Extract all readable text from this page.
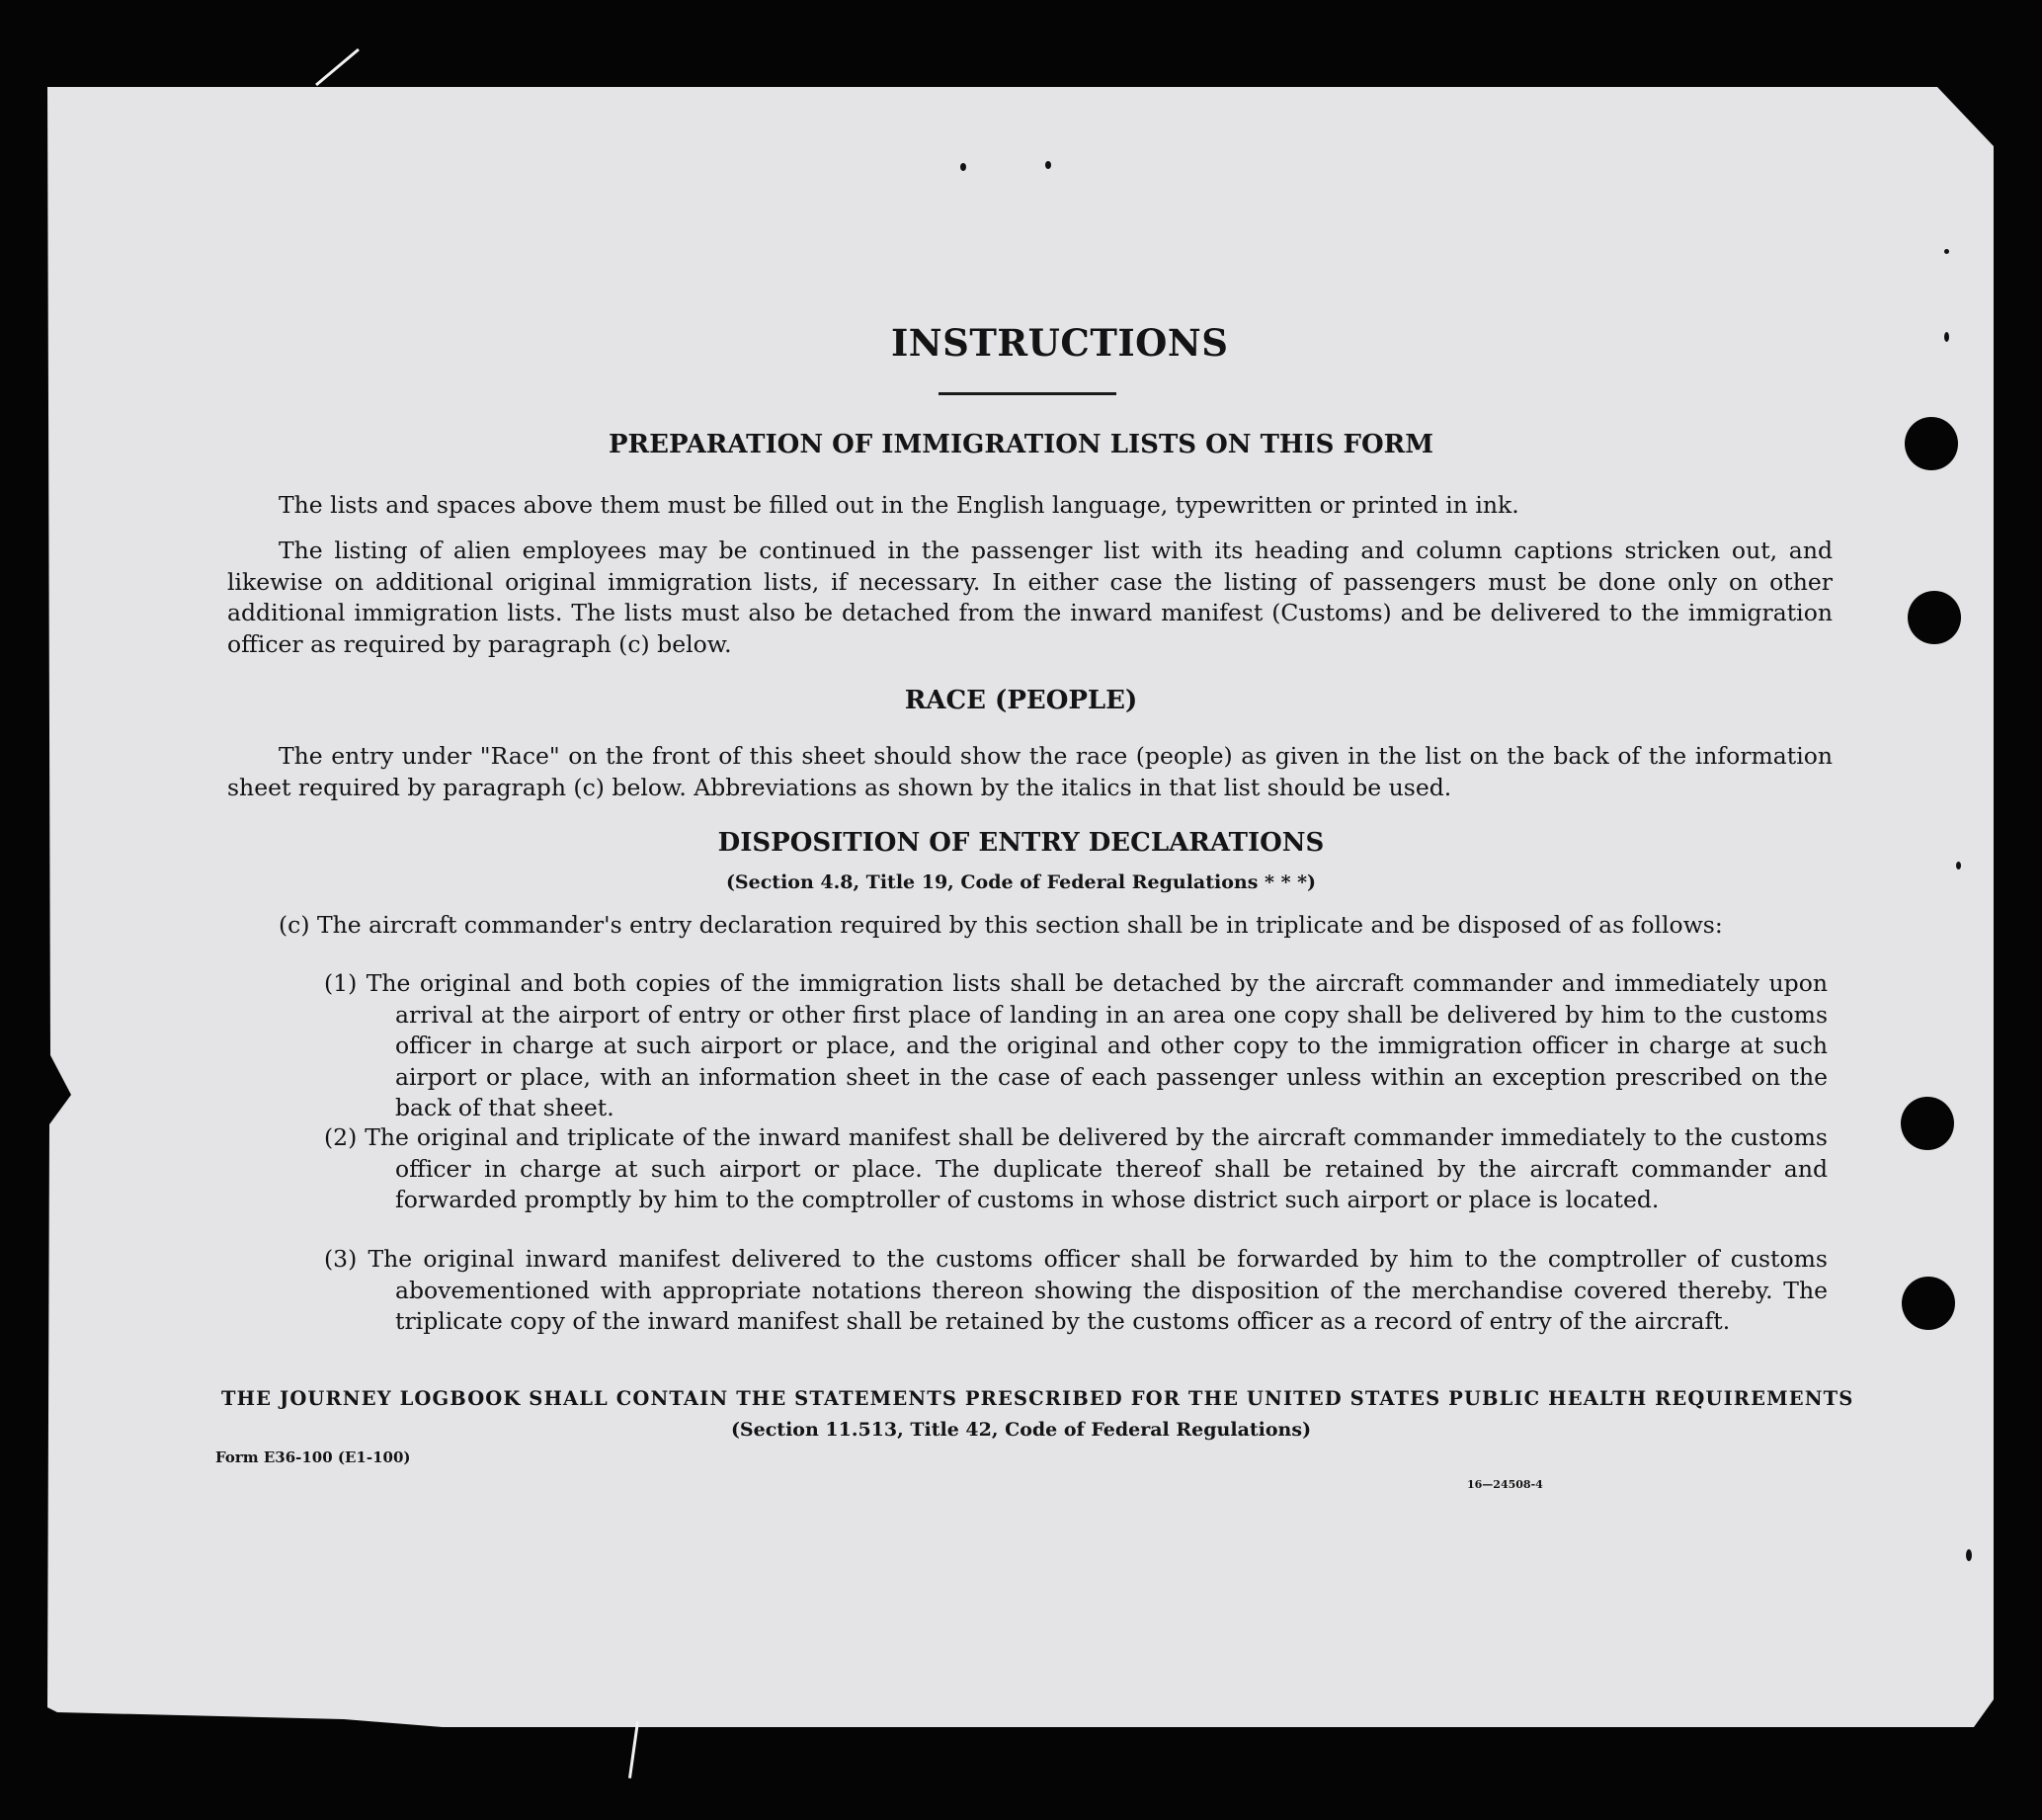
INSTRUCTIONS
PREPARATION OF IMMIGRATION LISTS ON THIS FORM

The lists and spaces above them must be filled out in the English language, typewritten or printed in ink.

The listing of alien employees may be continued in the passenger list with its heading and column captions stricken out, and likewise on additional original immigration lists, if necessary. In either case the listing of passengers must be done only on other additional immigration lists. The lists must also be detached from the inward manifest (Customs) and be delivered to the immigration officer as required by paragraph (c) below.

RACE (PEOPLE)

The entry under "Race" on the front of this sheet should show the race (people) as given in the list on the back of the information sheet required by paragraph (c) below. Abbreviations as shown by the italics in that list should be used.

DISPOSITION OF ENTRY DECLARATIONS

(Section 4.8, Title 19, Code of Federal Regulations * * *)

(c) The aircraft commander's entry declaration required by this section shall be in triplicate and be disposed of as follows:

(1) The original and both copies of the immigration lists shall be detached by the aircraft commander and immediately upon arrival at the airport of entry or other first place of landing in an area one copy shall be delivered by him to the customs officer in charge at such airport or place, and the original and other copy to the immigration officer in charge at such airport or place, with an information sheet in the case of each passenger unless within an exception prescribed on the back of that sheet.

(2) The original and triplicate of the inward manifest shall be delivered by the aircraft commander immediately to the customs officer in charge at such airport or place. The duplicate thereof shall be retained by the aircraft commander and forwarded promptly by him to the comptroller of customs in whose district such airport or place is located.

(3) The original inward manifest delivered to the customs officer shall be forwarded by him to the comptroller of customs abovementioned with appropriate notations thereon showing the disposition of the merchandise covered thereby. The triplicate copy of the inward manifest shall be retained by the customs officer as a record of entry of the aircraft.

THE JOURNEY LOGBOOK SHALL CONTAIN THE STATEMENTS PRESCRIBED FOR THE UNITED STATES PUBLIC HEALTH REQUIREMENTS

(Section 11.513, Title 42, Code of Federal Regulations)

Form E36-100 (E1-100)

16—24508-4
